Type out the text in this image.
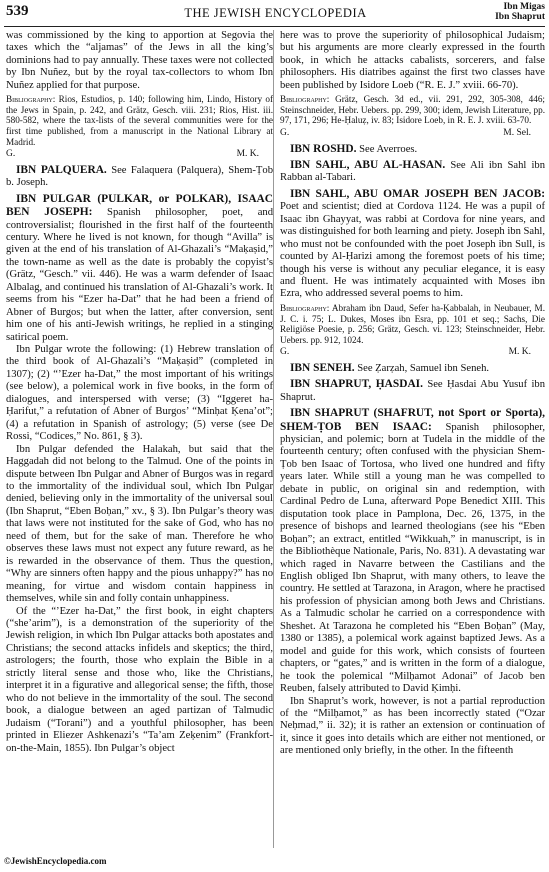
539	THE JEWISH ENCYCLOPEDIA	Ibn Migas
Ibn Shaprut

was commissioned by the king to apportion at Segovia the taxes which the “aljamas” of the Jews in all the king’s dominions had to pay annually. These taxes were not collected by Ibn Nuñez, but by the royal tax-collectors to whom Ibn Nuñez applied for that purpose.

Bibliography: Rios, Estudios, p. 140; following him, Lindo, History of the Jews in Spain, p. 242, and Grätz, Gesch. viii. 231; Rios, Hist. iii. 580-582, where the tax-lists of the several communities were for the first time published, from a manuscript in the National Library at Madrid.

G.	M. K.

IBN PALQUERA. See Falaquera (Palquera), Shem-Ṭob b. Joseph.

IBN PULGAR (PULKAR, or POLKAR), ISAAC BEN JOSEPH: Spanish philosopher, poet, and controversialist; flourished in the first half of the fourteenth century. Where he lived is not known, for though “Avilla” is given at the end of his translation of Al-Ghazali’s “Maḳaṣid,” the town-name as well as the date is probably the copyist’s (Grätz, “Gesch.” vii. 446). He was a warm defender of Isaac Albalag, and continued his translation of Al-Ghazali’s work. It seems from his “Ezer ha-Dat” that he had been a friend of Abner of Burgos; but when the latter, after conversion, sent him one of his anti-Jewish writings, he replied in a stinging satirical poem.

Ibn Pulgar wrote the following: (1) Hebrew translation of the third book of Al-Ghazali’s “Maḳaṣid” (completed in 1307); (2) “’Ezer ha-Dat,” the most important of his writings (see below), a polemical work in five books, in the form of dialogues, and interspersed with verse; (3) “Iggeret ha-Ḥarifut,” a refutation of Abner of Burgos’ “Minḥat Ḳena’ot”; (4) a refutation in Spanish of astrology; (5) verse (see De Rossi, “Codices,” No. 861, § 3).

Ibn Pulgar defended the Halakah, but said that the Haggadah did not belong to the Talmud. One of the points in dispute between Ibn Pulgar and Abner of Burgos was in regard to the immortality of the individual soul, which Ibn Pulgar denied, believing only in the immortality of the universal soul (Ibn Shaprut, “Eben Boḥan,” xv., § 3). Ibn Pulgar’s theory was that laws were not instituted for the sake of God, who has no need of them, but for the sake of man. Therefore he who observes these laws must not expect any future reward, as he is rewarded in the observance of them. Thus the question, “Why are sinners often happy and the pious unhappy?” has no meaning, for virtue and wisdom contain happiness in themselves, while sin and folly contain unhappiness.

Of the “’Ezer ha-Dat,” the first book, in eight chapters (“she’arim”), is a demonstration of the superiority of the Jewish religion, in which Ibn Pulgar attacks both apostates and Christians; the second attacks infidels and skeptics; the third, astrologers; the fourth, those who explain the Bible in a strictly literal sense and those who, like the Christians, interpret it in a figurative and allegorical sense; the fifth, those who do not believe in the immortality of the soul. The second book, a dialogue between an aged partizan of Talmudic Judaism (“Torani”) and a youthful philosopher, has been printed in Eliezer Ashkenazi’s “Ta’am Zeḳenim” (Frankfort-on-the-Main, 1855). Ibn Pulgar’s object

here was to prove the superiority of philosophical Judaism; but his arguments are more clearly expressed in the fourth book, in which he attacks cabalists, sorcerers, and false philosophers. His diatribes against the first two classes have been published by Isidore Loeb (“R. E. J.” xviii. 66-70).

Bibliography: Grätz, Gesch. 3d ed., vii. 291, 292, 305-308, 446; Steinschneider, Hebr. Uebers. pp. 299, 300; idem, Jewish Literature, pp. 97, 171, 296; He-Ḥaluẓ, iv. 83; Isidore Loeb, in R. E. J. xviii. 63-70.

G.	M. Sel.

IBN ROSHD. See Averroes.

IBN SAHL, ABU AL-HASAN. See Ali ibn Sahl ibn Rabban al-Tabari.

IBN SAHL, ABU OMAR JOSEPH BEN JACOB: Poet and scientist; died at Cordova 1124. He was a pupil of Isaac ibn Ghayyat, was rabbi at Cordova for nine years, and was distinguished for both learning and piety. Joseph ibn Sahl, who must not be confounded with the poet Joseph ibn Sull, is counted by Al-Ḥarizi among the foremost poets of his time; though his verse is without any peculiar elegance, it is easy and fluent. He was intimately acquainted with Moses ibn Ezra, who addressed several poems to him.

Bibliography: Abraham ibn Daud, Sefer ha-Ḳabbalah, in Neubauer, M. J. C. i. 75; L. Dukes, Moses ibn Esra, pp. 101 et seq.; Sachs, Die Religiöse Poesie, p. 256; Grätz, Gesch. vi. 123; Steinschneider, Hebr. Uebers. pp. 912, 1024.

G.	M. K.

IBN SENEH. See Ẓarẓah, Samuel ibn Seneh.

IBN SHAPRUT, ḤASDAI. See Ḥasdai Abu Yusuf ibn Shaprut.

IBN SHAPRUT (SHAFRUT, not Sport or Sporta), SHEM-ṬOB BEN ISAAC: Spanish philosopher, physician, and polemic; born at Tudela in the middle of the fourteenth century; often confused with the physician Shem-Ṭob ben Isaac of Tortosa, who lived one hundred and fifty years later. While still a young man he was compelled to debate in public, on original sin and redemption, with Cardinal Pedro de Luna, afterward Pope Benedict XIII. This disputation took place in Pamplona, Dec. 26, 1375, in the presence of bishops and learned theologians (see his “Eben Boḥan”; an extract, entitled “Wikkuah,” in manuscript, is in the Bibliothèque Nationale, Paris, No. 831). A devastating war which raged in Navarre between the Castilians and the English obliged Ibn Shaprut, with many others, to leave the country. He settled at Tarazona, in Aragon, where he practised his profession of physician among both Jews and Christians. As a Talmudic scholar he carried on a correspondence with Sheshet. At Tarazona he completed his “Eben Boḥan” (May, 1380 or 1385), a polemical work against baptized Jews. As a model and guide for this work, which consists of fourteen chapters, or “gates,” and is written in the form of a dialogue, he took the polemical “Milḥamot Adonai” of Jacob ben Reuben, falsely attributed to David Ḳimḥi.

Ibn Shaprut’s work, however, is not a partial reproduction of the “Milḥamot,” as has been incorrectly stated (“Ozar Neḥmad,” ii. 32); it is rather an extension or continuation of it, since it goes into details which are either not mentioned, or are mentioned only briefly, in the other. In the fifteenth

©JewishEncyclopedia.com
